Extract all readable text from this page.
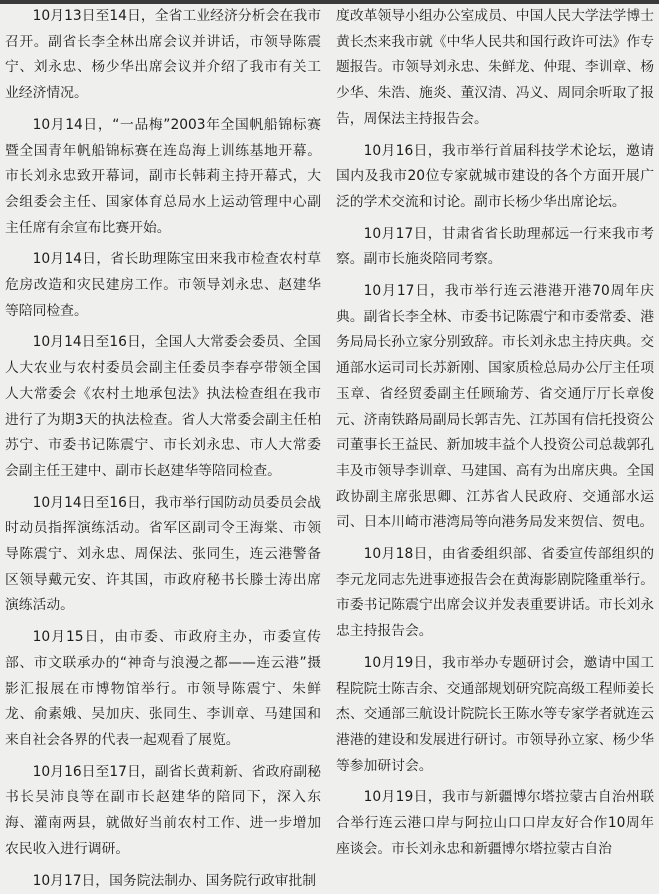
10月13日至14日，全省工业经济分析会在我市召开。副省长李全林出席会议并讲话，市领导陈震宁、刘永忠、杨少华出席会议并介绍了我市有关工业经济情况。

10月14日，“一品梅”2003年全国帆船锦标赛暨全国青年帆船锦标赛在连岛海上训练基地开幕。市长刘永忠致开幕词，副市长韩莉主持开幕式，大会组委会主任、国家体育总局水上运动管理中心副主任席有余宣布比赛开始。

10月14日，省长助理陈宝田来我市检查农村草危房改造和灾民建房工作。市领导刘永忠、赵建华等陪同检查。

10月14日至16日，全国人大常委会委员、全国人大农业与农村委员会副主任委员李春亭带领全国人大常委会《农村土地承包法》执法检查组在我市进行了为期3天的执法检查。省人大常委会副主任柏苏宁、市委书记陈震宁、市长刘永忠、市人大常委会副主任王建中、副市长赵建华等陪同检查。

10月14日至16日，我市举行国防动员委员会战时动员指挥演练活动。省军区副司令王海棠、市领导陈震宁、刘永忠、周保法、张同生，连云港警备区领导戴元安、许其国，市政府秘书长滕士涛出席演练活动。

10月15日，由市委、市政府主办，市委宣传部、市文联承办的“神奇与浪漫之都——连云港”摄影汇报展在市博物馆举行。市领导陈震宁、朱鲜龙、俞素娥、吴加庆、张同生、李训章、马建国和来自社会各界的代表一起观看了展览。

10月16日至17日，副省长黄莉新、省政府副秘书长吴沛良等在副市长赵建华的陪同下，深入东海、灌南两县，就做好当前农村工作、进一步增加农民收入进行调研。

10月17日，国务院法制办、国务院行政审批制

度改革领导小组办公室成员、中国人民大学法学博士黄长杰来我市就《中华人民共和国行政许可法》作专题报告。市领导刘永忠、朱鲜龙、仲琨、李训章、杨少华、朱浩、施炎、董汉清、冯义、周同余听取了报告，周保法主持报告会。

10月16日，我市举行首届科技学术论坛，邀请国内及我市20位专家就城市建设的各个方面开展广泛的学术交流和讨论。副市长杨少华出席论坛。

10月17日，甘肃省省长助理郝远一行来我市考察。副市长施炎陪同考察。

10月17日，我市举行连云港港开港70周年庆典。副省长李全林、市委书记陈震宁和市委常委、港务局局长孙立家分别致辞。市长刘永忠主持庆典。交通部水运司司长苏新刚、国家质检总局办公厅主任项玉章、省经贸委副主任顾瑜芳、省交通厅厅长章俊元、济南铁路局副局长郭吉先、江苏国有信托投资公司董事长王益民、新加坡丰益个人投资公司总裁郭孔丰及市领导李训章、马建国、高有为出席庆典。全国政协副主席张思卿、江苏省人民政府、交通部水运司、日本川崎市港湾局等向港务局发来贺信、贺电。

10月18日，由省委组织部、省委宣传部组织的李元龙同志先进事迹报告会在黄海影剧院隆重举行。市委书记陈震宁出席会议并发表重要讲话。市长刘永忠主持报告会。

10月19日，我市举办专题研讨会，邀请中国工程院院士陈吉余、交通部规划研究院高级工程师姜长杰、交通部三航设计院院长王陈水等专家学者就连云港港的建设和发展进行研讨。市领导孙立家、杨少华等参加研讨会。

10月19日，我市与新疆博尔塔拉蒙古自治州联合举行连云港口岸与阿拉山口口岸友好合作10周年座谈会。市长刘永忠和新疆博尔塔拉蒙古自治
